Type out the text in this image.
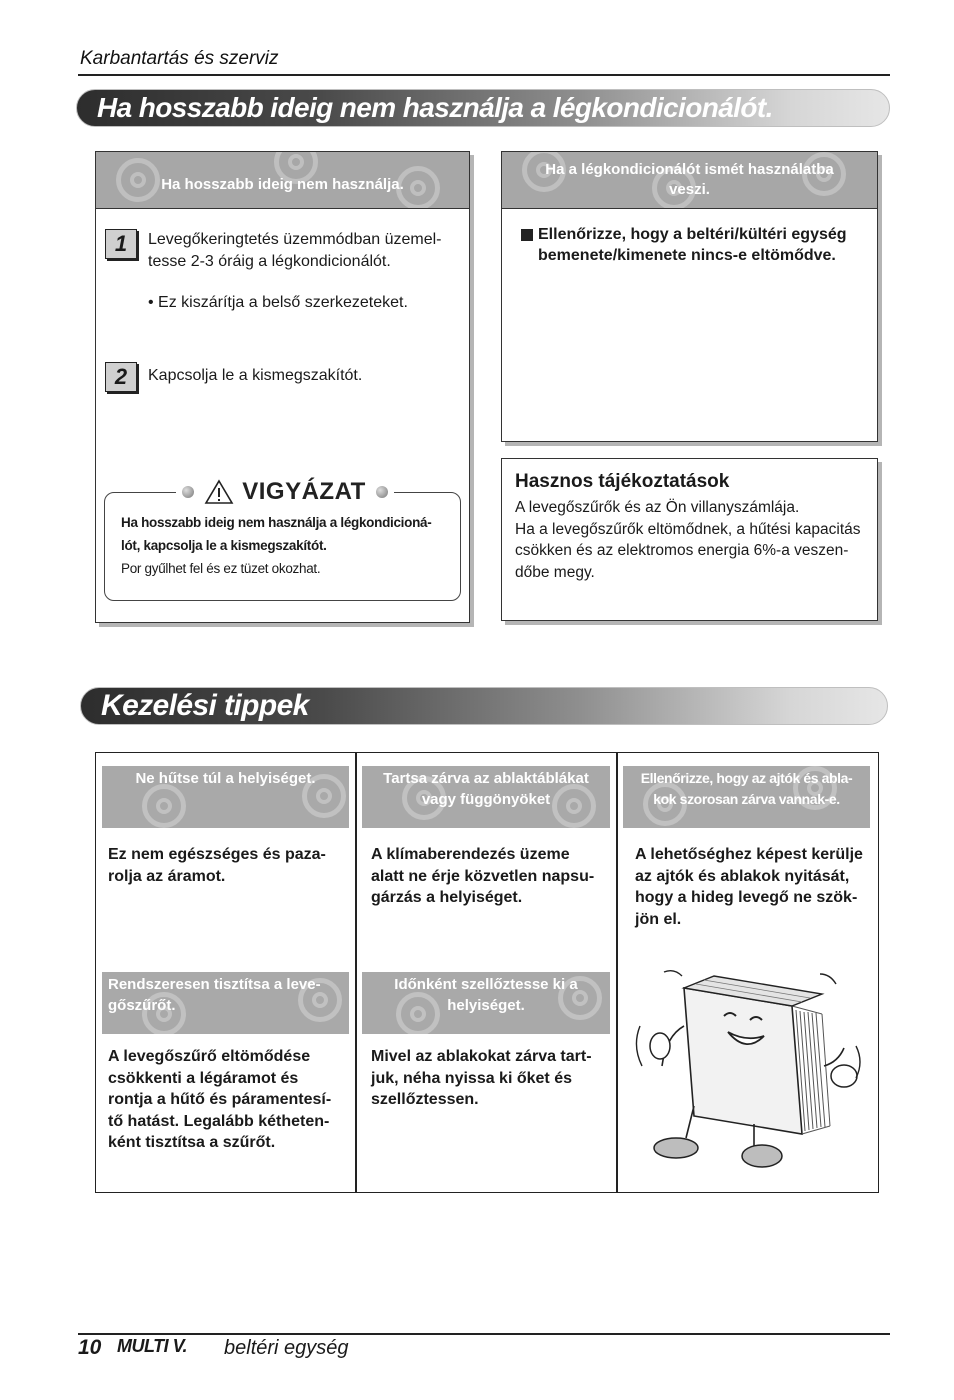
Karbantartás és szerviz
Ha hosszabb ideig nem használja a légkondicionálót.
Ha hosszabb ideig nem használja.
1	Levegőkeringtetés üzemmódban üzemel-
tesse 2-3 óráig a légkondicionálót.
• Ez kiszárítja a belső szerkezeteket.
2	Kapcsolja le a kismegszakítót.
Ha hosszabb ideig nem használja a légkondicioná-
lót, kapcsolja le a kismegszakítót.
Por gyűlhet fel és ez tüzet okozhat.
VIGYÁZAT
Ha a légkondicionálót ismét használatba
veszi.
Ellenőrizze, hogy a beltéri/kültéri egység
bemenete/kimenete nincs-e eltömődve.
Hasznos tájékoztatások
A levegőszűrők és az Ön villanyszámlája.
Ha a levegőszűrők eltömődnek, a hűtési kapacitás
csökken és az elektromos energia 6%-a veszen-
dőbe megy.
Kezelési tippek
Ne hűtse túl a helyiséget.
Ez nem egészséges és paza-
rolja az áramot.
Tartsa zárva az ablaktáblákat
vagy függönyöket
A klímaberendezés üzeme
alatt ne érje közvetlen napsu-
gárzás a helyiséget.
Ellenőrizze, hogy az ajtók és abla-
kok szorosan zárva vannak-e.
A lehetőséghez képest kerülje
az ajtók és ablakok nyitását,
hogy a hideg levegő ne szök-
jön el.
Rendszeresen tisztítsa a leve-
gőszűrőt.
A levegőszűrő eltömődése
csökkenti a légáramot és
rontja a hűtő és páramentesí-
tő hatást. Legalább kétheten-
ként tisztítsa a szűrőt.
Időnként szellőztesse ki a
helyiséget.
Mivel az ablakokat zárva tart-
juk, néha nyissa ki őket és
szellőztessen.
10 MULTI V. beltéri egység
